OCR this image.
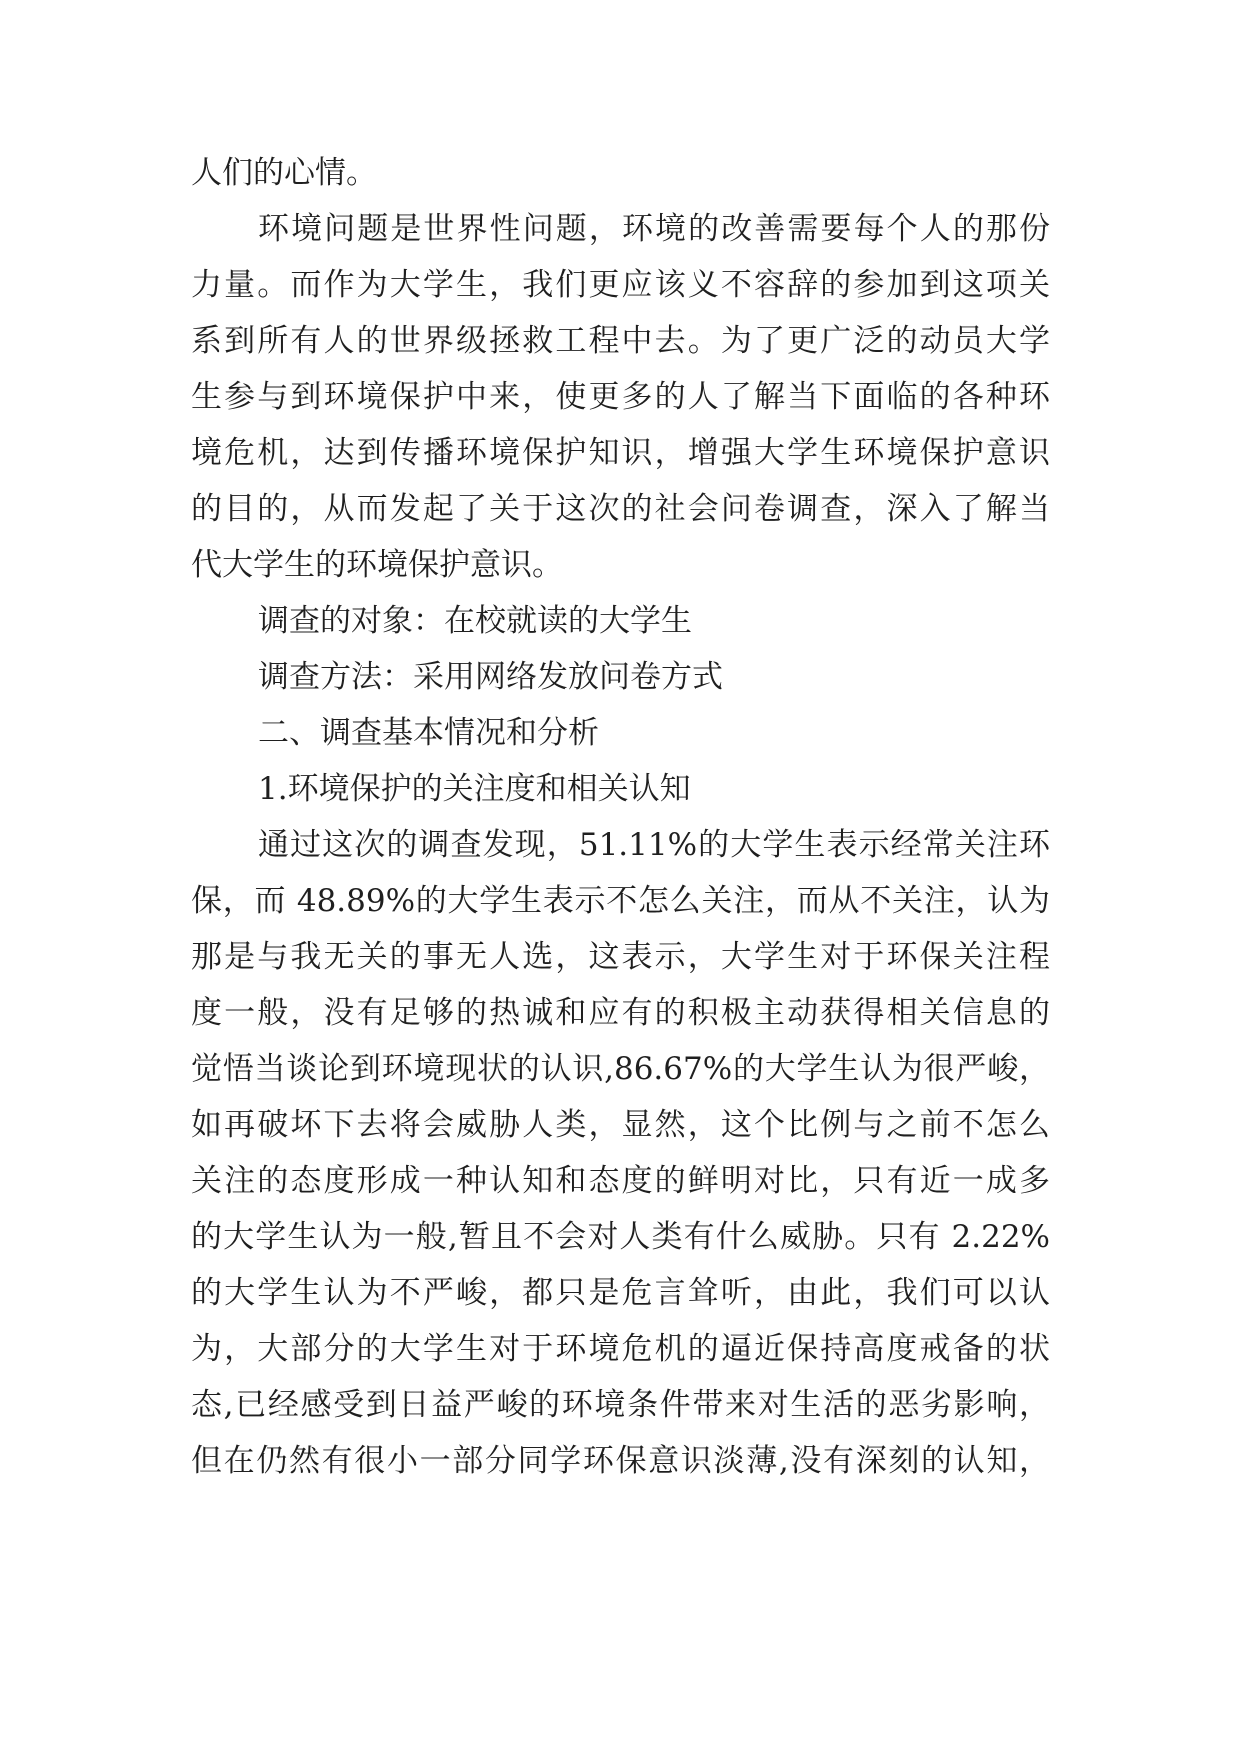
人们的心情。

环境问题是世界性问题，环境的改善需要每个人的那份

力量。而作为大学生，我们更应该义不容辞的参加到这项关

系到所有人的世界级拯救工程中去。为了更广泛的动员大学

生参与到环境保护中来，使更多的人了解当下面临的各种环

境危机，达到传播环境保护知识，增强大学生环境保护意识

的目的，从而发起了关于这次的社会问卷调查，深入了解当

代大学生的环境保护意识。

调查的对象：在校就读的大学生

调查方法：采用网络发放问卷方式

二、调查基本情况和分析

1.环境保护的关注度和相关认知

通过这次的调查发现，51.11%的大学生表示经常关注环

保，而 48.89%的大学生表示不怎么关注，而从不关注，认为

那是与我无关的事无人选，这表示，大学生对于环保关注程

度一般，没有足够的热诚和应有的积极主动获得相关信息的

觉悟当谈论到环境现状的认识,86.67%的大学生认为很严峻，

如再破坏下去将会威胁人类，显然，这个比例与之前不怎么

关注的态度形成一种认知和态度的鲜明对比，只有近一成多

的大学生认为一般,暂且不会对人类有什么威胁。只有 2.22%

的大学生认为不严峻，都只是危言耸听，由此，我们可以认

为，大部分的大学生对于环境危机的逼近保持高度戒备的状

态,已经感受到日益严峻的环境条件带来对生活的恶劣影响，

但在仍然有很小一部分同学环保意识淡薄,没有深刻的认知，
